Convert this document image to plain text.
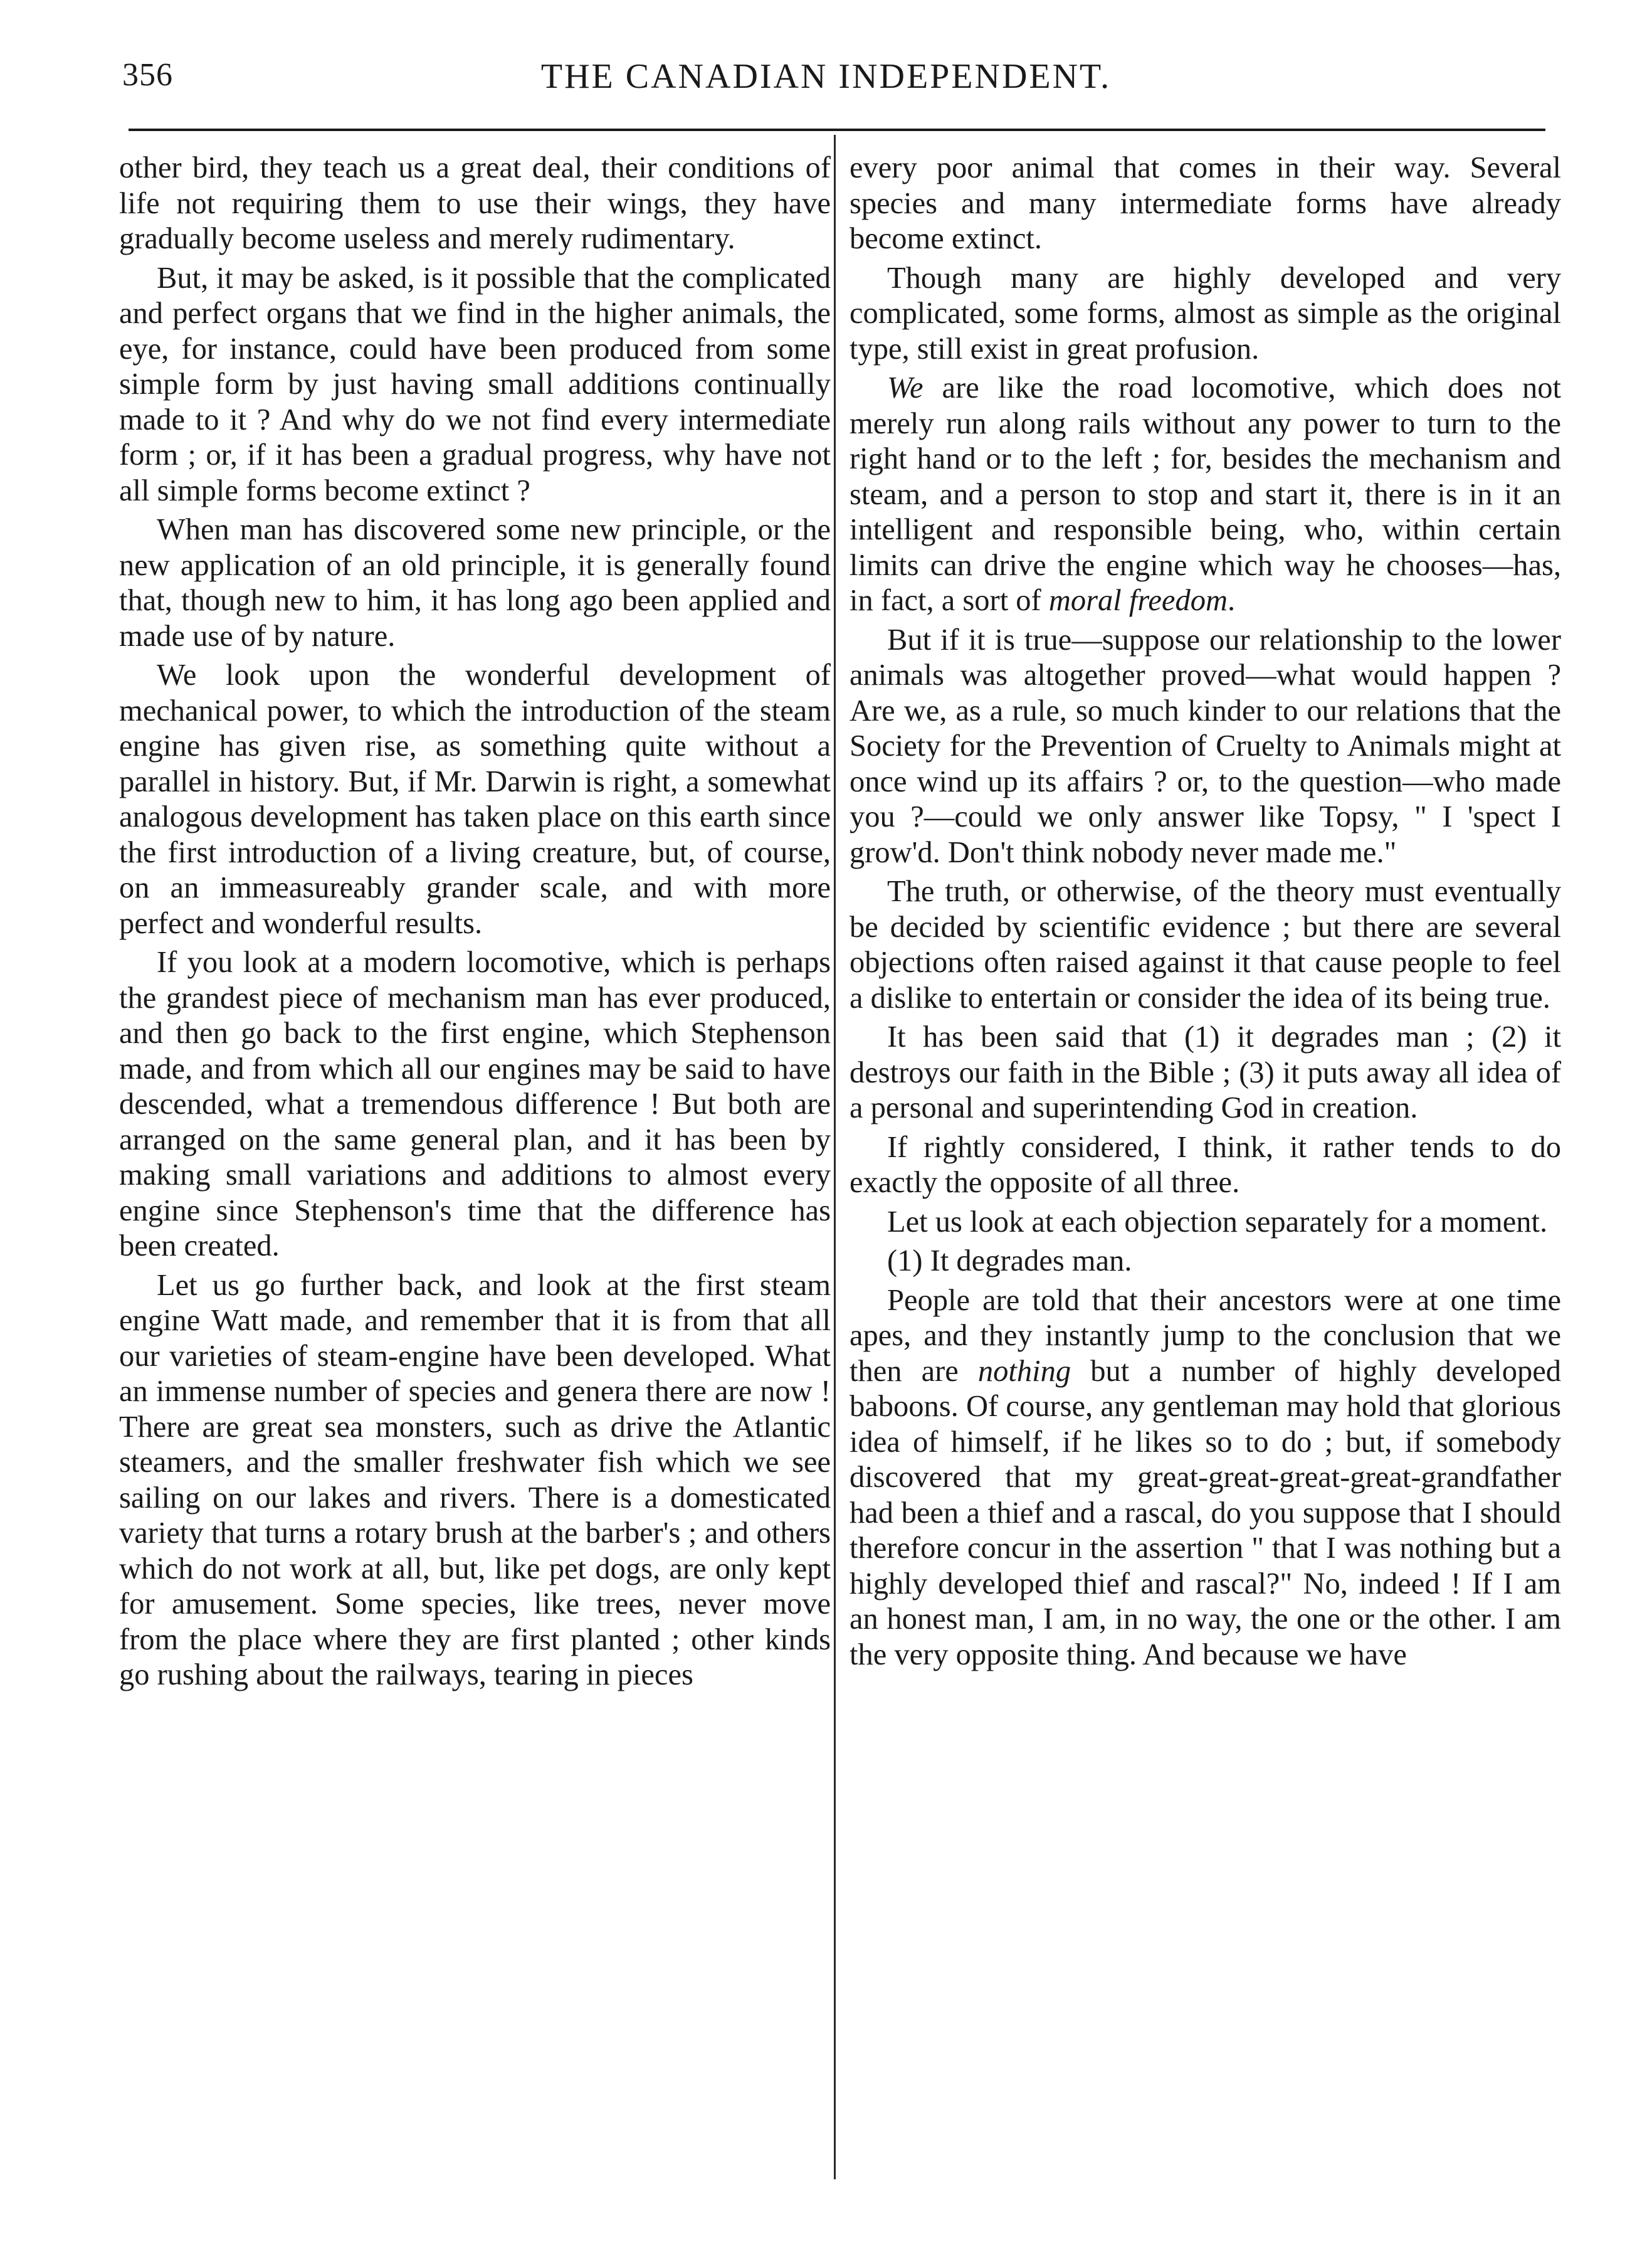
356	THE CANADIAN INDEPENDENT.

other bird, they teach us a great deal, their conditions of life not requiring them to use their wings, they have gradually become useless and merely rudimentary.

But, it may be asked, is it possible that the complicated and perfect organs that we find in the higher animals, the eye, for instance, could have been produced from some simple form by just having small additions continually made to it ? And why do we not find every intermediate form ; or, if it has been a gradual progress, why have not all simple forms become extinct ?

When man has discovered some new principle, or the new application of an old principle, it is generally found that, though new to him, it has long ago been applied and made use of by nature.

We look upon the wonderful development of mechanical power, to which the introduction of the steam engine has given rise, as something quite without a parallel in history. But, if Mr. Darwin is right, a somewhat analogous development has taken place on this earth since the first introduction of a living creature, but, of course, on an immeasureably grander scale, and with more perfect and wonderful results.

If you look at a modern locomotive, which is perhaps the grandest piece of mechanism man has ever produced, and then go back to the first engine, which Stephenson made, and from which all our engines may be said to have descended, what a tremendous difference ! But both are arranged on the same general plan, and it has been by making small variations and additions to almost every engine since Stephenson's time that the difference has been created.

Let us go further back, and look at the first steam engine Watt made, and remember that it is from that all our varieties of steam-engine have been developed. What an immense number of species and genera there are now ! There are great sea monsters, such as drive the Atlantic steamers, and the smaller freshwater fish which we see sailing on our lakes and rivers. There is a domesticated variety that turns a rotary brush at the barber's ; and others which do not work at all, but, like pet dogs, are only kept for amusement. Some species, like trees, never move from the place where they are first planted ; other kinds go rushing about the railways, tearing in pieces

every poor animal that comes in their way. Several species and many intermediate forms have already become extinct.

Though many are highly developed and very complicated, some forms, almost as simple as the original type, still exist in great profusion.

We are like the road locomotive, which does not merely run along rails without any power to turn to the right hand or to the left ; for, besides the mechanism and steam, and a person to stop and start it, there is in it an intelligent and responsible being, who, within certain limits can drive the engine which way he chooses—has, in fact, a sort of moral freedom.

But if it is true—suppose our relationship to the lower animals was altogether proved—what would happen ? Are we, as a rule, so much kinder to our relations that the Society for the Prevention of Cruelty to Animals might at once wind up its affairs ? or, to the question—who made you ?—could we only answer like Topsy, " I 'spect I grow'd. Don't think nobody never made me."

The truth, or otherwise, of the theory must eventually be decided by scientific evidence ; but there are several objections often raised against it that cause people to feel a dislike to entertain or consider the idea of its being true.

It has been said that (1) it degrades man ; (2) it destroys our faith in the Bible ; (3) it puts away all idea of a personal and superintending God in creation.

If rightly considered, I think, it rather tends to do exactly the opposite of all three.

Let us look at each objection separately for a moment.

(1) It degrades man.

People are told that their ancestors were at one time apes, and they instantly jump to the conclusion that we then are nothing but a number of highly developed baboons. Of course, any gentleman may hold that glorious idea of himself, if he likes so to do ; but, if somebody discovered that my great-great-great-great-grandfather had been a thief and a rascal, do you suppose that I should therefore concur in the assertion " that I was nothing but a highly developed thief and rascal?" No, indeed ! If I am an honest man, I am, in no way, the one or the other. I am the very opposite thing. And because we have
